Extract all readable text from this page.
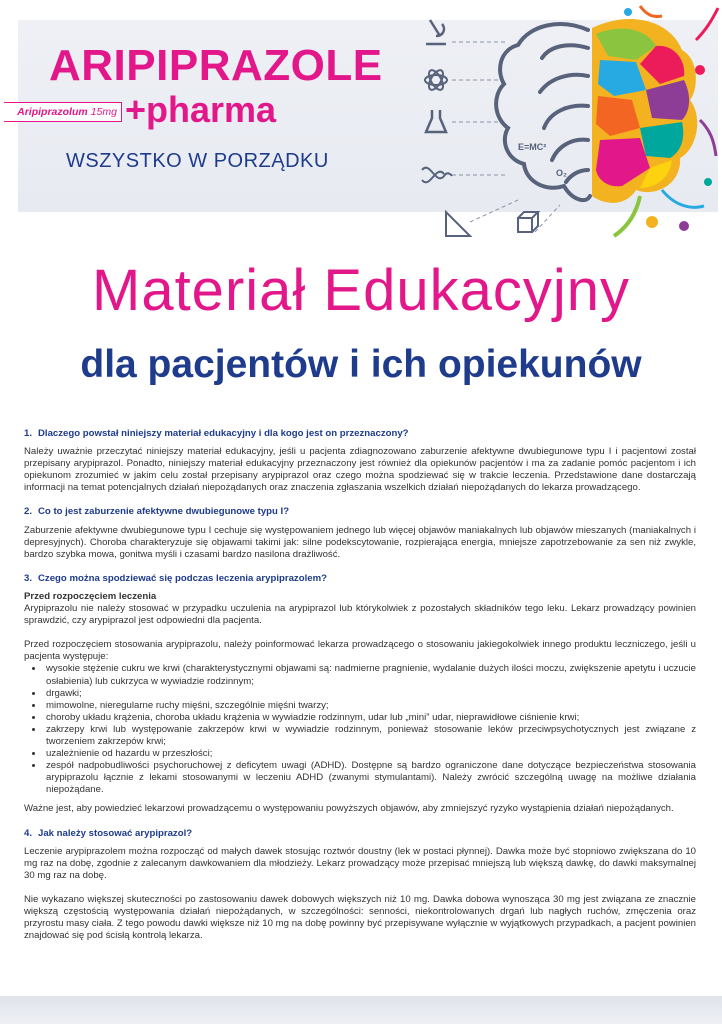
ARIPIPRAZOLE
Aripiprazolum 15 mg +pharma
WSZYSTKO W PORZĄDKU
E=MC²
O₂
Materiał Edukacyjny
dla pacjentów i ich opiekunów
1. Dlaczego powstał niniejszy materiał edukacyjny i dla kogo jest on przeznaczony?

Należy uważnie przeczytać niniejszy materiał edukacyjny, jeśli u pacjenta zdiagnozowano zaburzenie afektywne dwubiegunowe typu I i pacjentowi został przepisany arypiprazol. Ponadto, niniejszy materiał edukacyjny przeznaczony jest również dla opiekunów pacjentów i ma za zadanie pomóc pacjentom i ich opiekunom zrozumieć w jakim celu został przepisany arypiprazol oraz czego można spodziewać się w trakcie leczenia. Przedstawione dane dostarczają informacji na temat potencjalnych działań niepożądanych oraz znaczenia zgłaszania wszelkich działań niepożądanych do lekarza prowadzącego.

2. Co to jest zaburzenie afektywne dwubiegunowe typu I?

Zaburzenie afektywne dwubiegunowe typu I cechuje się występowaniem jednego lub więcej objawów maniakalnych lub objawów mieszanych (maniakalnych i depresyjnych). Choroba charakteryzuje się objawami takimi jak: silne podekscytowanie, rozpierająca energia, mniejsze zapotrzebowanie za sen niż zwykle, bardzo szybka mowa, gonitwa myśli i czasami bardzo nasilona drażliwość.

3. Czego można spodziewać się podczas leczenia arypiprazolem?
Przed rozpoczęciem leczenia

Arypiprazolu nie należy stosować w przypadku uczulenia na arypiprazol lub którykolwiek z pozostałych składników tego leku. Lekarz prowadzący powinien sprawdzić, czy arypiprazol jest odpowiedni dla pacjenta.

Przed rozpoczęciem stosowania arypiprazolu, należy poinformować lekarza prowadzącego o stosowaniu jakiegokolwiek innego produktu leczniczego, jeśli u pacjenta występuje:

• wysokie stężenie cukru we krwi (charakterystycznymi objawami są: nadmierne pragnienie, wydalanie dużych ilości moczu, zwiększenie apetytu i uczucie osłabienia) lub cukrzyca w wywiadzie rodzinnym;
• drgawki;
• mimowolne, nieregularne ruchy mięśni, szczególnie mięśni twarzy;
• choroby układu krążenia, choroba układu krążenia w wywiadzie rodzinnym, udar lub „mini” udar, nieprawidłowe ciśnienie krwi;
• zakrzepy krwi lub występowanie zakrzepów krwi w wywiadzie rodzinnym, ponieważ stosowanie leków przeciwpsychotycznych jest związane z tworzeniem zakrzepów krwi;
• uzależnienie od hazardu w przeszłości;
• zespół nadpobudliwości psychoruchowej z deficytem uwagi (ADHD). Dostępne są bardzo ograniczone dane dotyczące bezpieczeństwa stosowania arypiprazolu łącznie z lekami stosowanymi w leczeniu ADHD (zwanymi stymulantami). Należy zwrócić szczególną uwagę na możliwe działania niepożądane.

Ważne jest, aby powiedzieć lekarzowi prowadzącemu o występowaniu powyższych objawów, aby zmniejszyć ryzyko wystąpienia działań niepożądanych.

4. Jak należy stosować arypiprazol?

Leczenie arypiprazolem można rozpocząć od małych dawek stosując roztwór doustny (lek w postaci płynnej). Dawka może być stopniowo zwiększana do 10 mg raz na dobę, zgodnie z zalecanym dawkowaniem dla młodzieży. Lekarz prowadzący może przepisać mniejszą lub większą dawkę, do dawki maksymalnej 30 mg raz na dobę.

Nie wykazano większej skuteczności po zastosowaniu dawek dobowych większych niż 10 mg. Dawka dobowa wynosząca 30 mg jest związana ze znacznie większą częstością występowania działań niepożądanych, w szczególności: senności, niekontrolowanych drgań lub nagłych ruchów, zmęczenia oraz przyrostu masy ciała. Z tego powodu dawki większe niż 10 mg na dobę powinny być przepisywane wyłącznie w wyjątkowych przypadkach, a pacjent powinien znajdować się pod ścisłą kontrolą lekarza.
